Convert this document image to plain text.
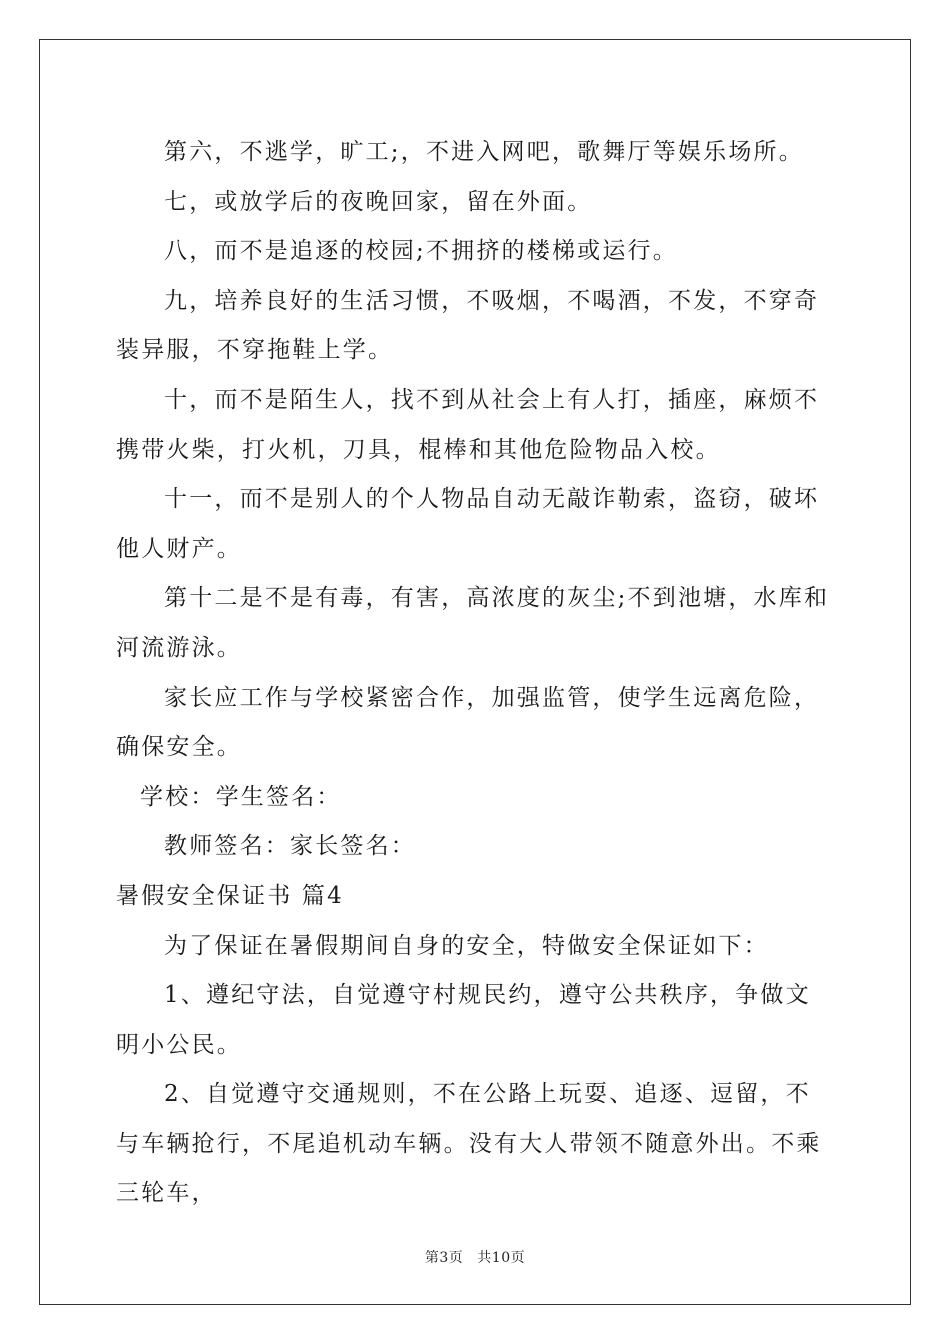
第六，不逃学，旷工;，不进入网吧，歌舞厅等娱乐场所。

七，或放学后的夜晚回家，留在外面。

八，而不是追逐的校园;不拥挤的楼梯或运行。

九，培养良好的生活习惯，不吸烟，不喝酒，不发，不穿奇装异服，不穿拖鞋上学。

十，而不是陌生人，找不到从社会上有人打，插座，麻烦不携带火柴，打火机，刀具，棍棒和其他危险物品入校。

十一，而不是别人的个人物品自动无敲诈勒索，盗窃，破坏他人财产。

第十二是不是有毒，有害，高浓度的灰尘;不到池塘，水库和河流游泳。

家长应工作与学校紧密合作，加强监管，使学生远离危险，确保安全。

学校：学生签名：

教师签名：家长签名：

暑假安全保证书 篇4

为了保证在暑假期间自身的安全，特做安全保证如下：

1、遵纪守法，自觉遵守村规民约，遵守公共秩序，争做文明小公民。

2、自觉遵守交通规则，不在公路上玩耍、追逐、逗留，不与车辆抢行，不尾追机动车辆。没有大人带领不随意外出。不乘三轮车，

第3页 共10页
